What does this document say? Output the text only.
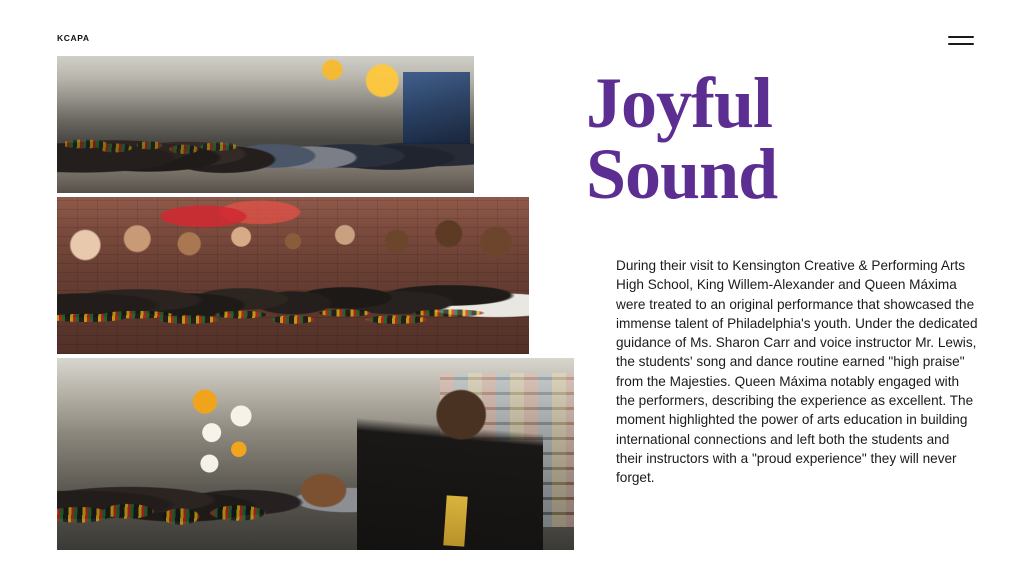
KCAPA
Joyful
Sound

During their visit to Kensington Creative & Performing Arts High School, King Willem-Alexander and Queen Máxima were treated to an original performance that showcased the immense talent of Philadelphia's youth. Under the dedicated guidance of Ms. Sharon Carr and voice instructor Mr. Lewis, the students' song and dance routine earned "high praise" from the Majesties. Queen Máxima notably engaged with the performers, describing the experience as excellent. The moment highlighted the power of arts education in building international connections and left both the students and their instructors with a "proud experience" they will never forget.
